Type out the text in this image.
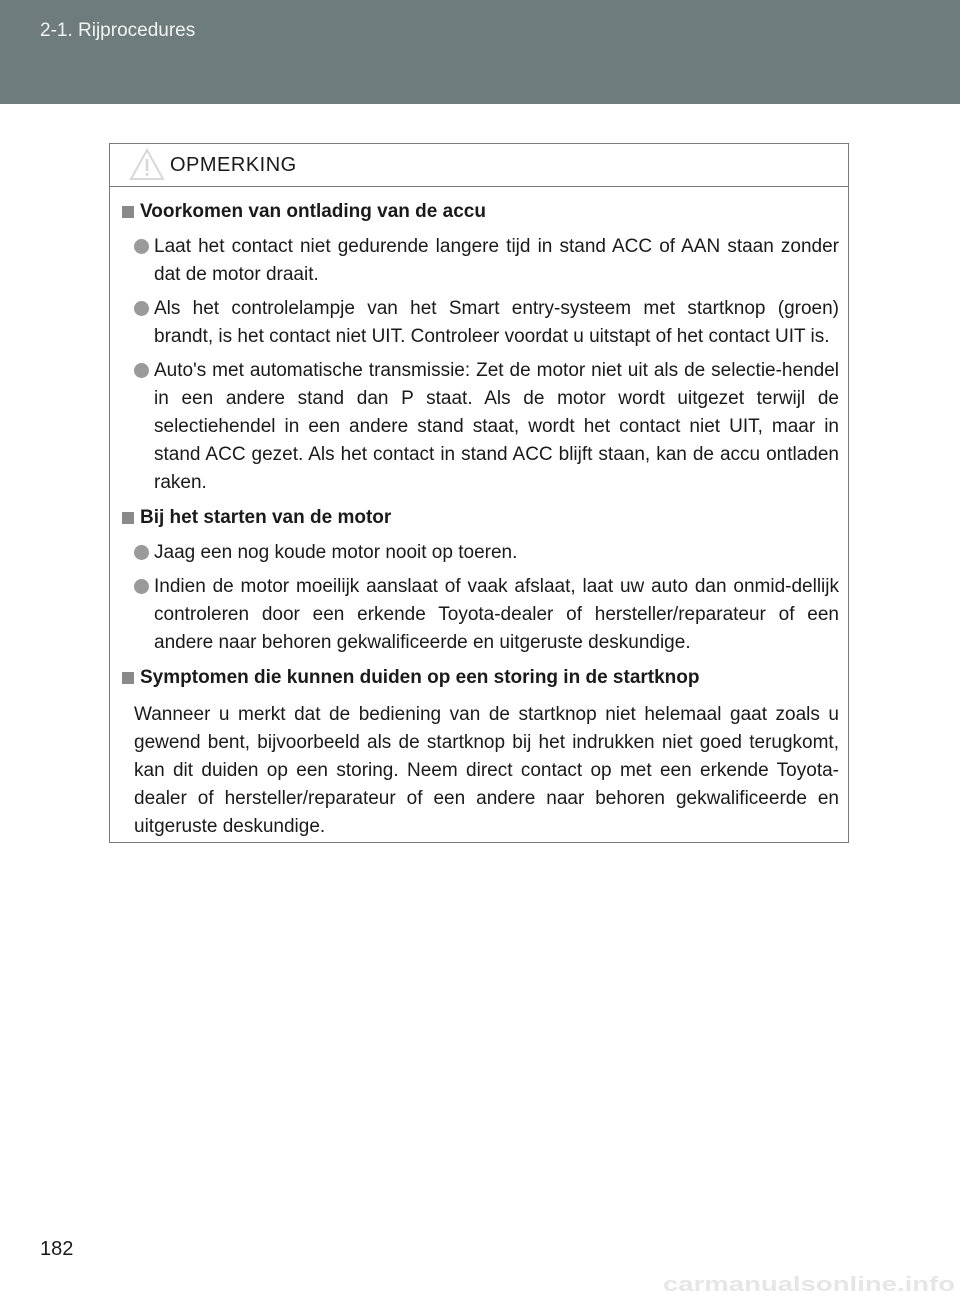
2-1. Rijprocedures
OPMERKING
Voorkomen van ontlading van de accu
Laat het contact niet gedurende langere tijd in stand ACC of AAN staan zonder dat de motor draait.
Als het controlelampje van het Smart entry-systeem met startknop (groen) brandt, is het contact niet UIT. Controleer voordat u uitstapt of het contact UIT is.
Auto's met automatische transmissie: Zet de motor niet uit als de selectie-hendel in een andere stand dan P staat. Als de motor wordt uitgezet terwijl de selectiehendel in een andere stand staat, wordt het contact niet UIT, maar in stand ACC gezet. Als het contact in stand ACC blijft staan, kan de accu ontladen raken.
Bij het starten van de motor
Jaag een nog koude motor nooit op toeren.
Indien de motor moeilijk aanslaat of vaak afslaat, laat uw auto dan onmid-dellijk controleren door een erkende Toyota-dealer of hersteller/reparateur of een andere naar behoren gekwalificeerde en uitgeruste deskundige.
Symptomen die kunnen duiden op een storing in de startknop
Wanneer u merkt dat de bediening van de startknop niet helemaal gaat zoals u gewend bent, bijvoorbeeld als de startknop bij het indrukken niet goed terugkomt, kan dit duiden op een storing. Neem direct contact op met een erkende Toyota-dealer of hersteller/reparateur of een andere naar behoren gekwalificeerde en uitgeruste deskundige.
182
carmanualsonline.info
